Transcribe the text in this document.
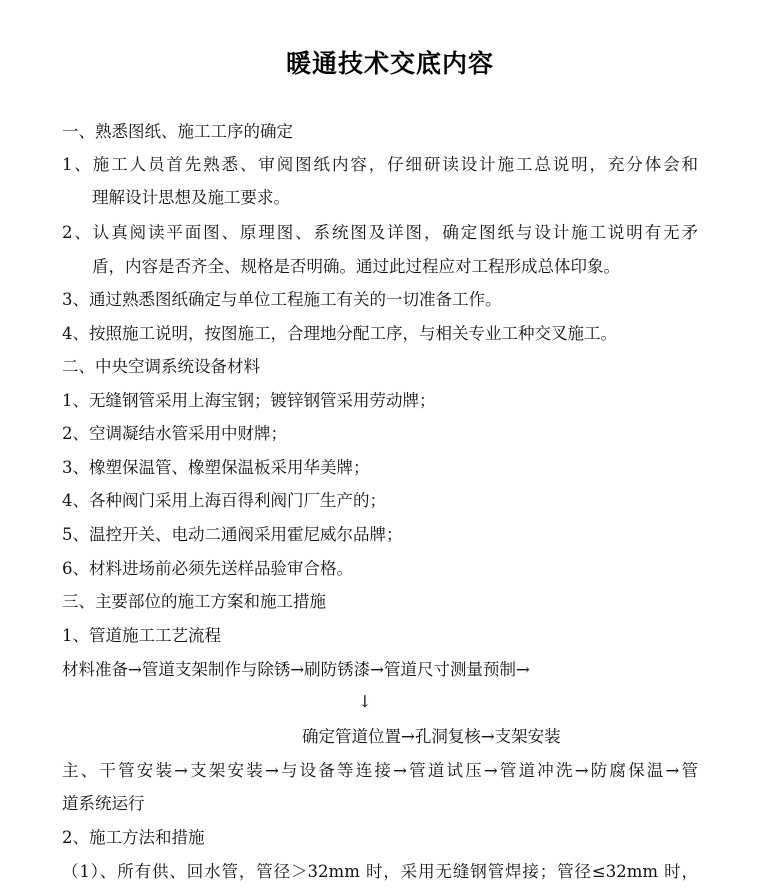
暖通技术交底内容
一、熟悉图纸、施工工序的确定
1、施工人员首先熟悉、审阅图纸内容，仔细研读设计施工总说明，充分体会和
理解设计思想及施工要求。
2、认真阅读平面图、原理图、系统图及详图，确定图纸与设计施工说明有无矛
盾，内容是否齐全、规格是否明确。通过此过程应对工程形成总体印象。
3、通过熟悉图纸确定与单位工程施工有关的一切准备工作。
4、按照施工说明，按图施工，合理地分配工序，与相关专业工种交叉施工。
二、中央空调系统设备材料
1、无缝钢管采用上海宝钢；镀锌钢管采用劳动牌；
2、空调凝结水管采用中财牌；
3、橡塑保温管、橡塑保温板采用华美牌；
4、各种阀门采用上海百得利阀门厂生产的；
5、温控开关、电动二通阀采用霍尼威尔品牌；
6、材料进场前必须先送样品验审合格。
三、主要部位的施工方案和施工措施
1、管道施工工艺流程
材料准备→管道支架制作与除锈→刷防锈漆→管道尺寸测量预制→
↓
确定管道位置→孔洞复核→支架安装
主、干管安装→支架安装→与设备等连接→管道试压→管道冲洗→防腐保温→管
道系统运行
2、施工方法和措施
（1）、所有供、回水管，管径＞32mm 时，采用无缝钢管焊接；管径≤32mm 时，
